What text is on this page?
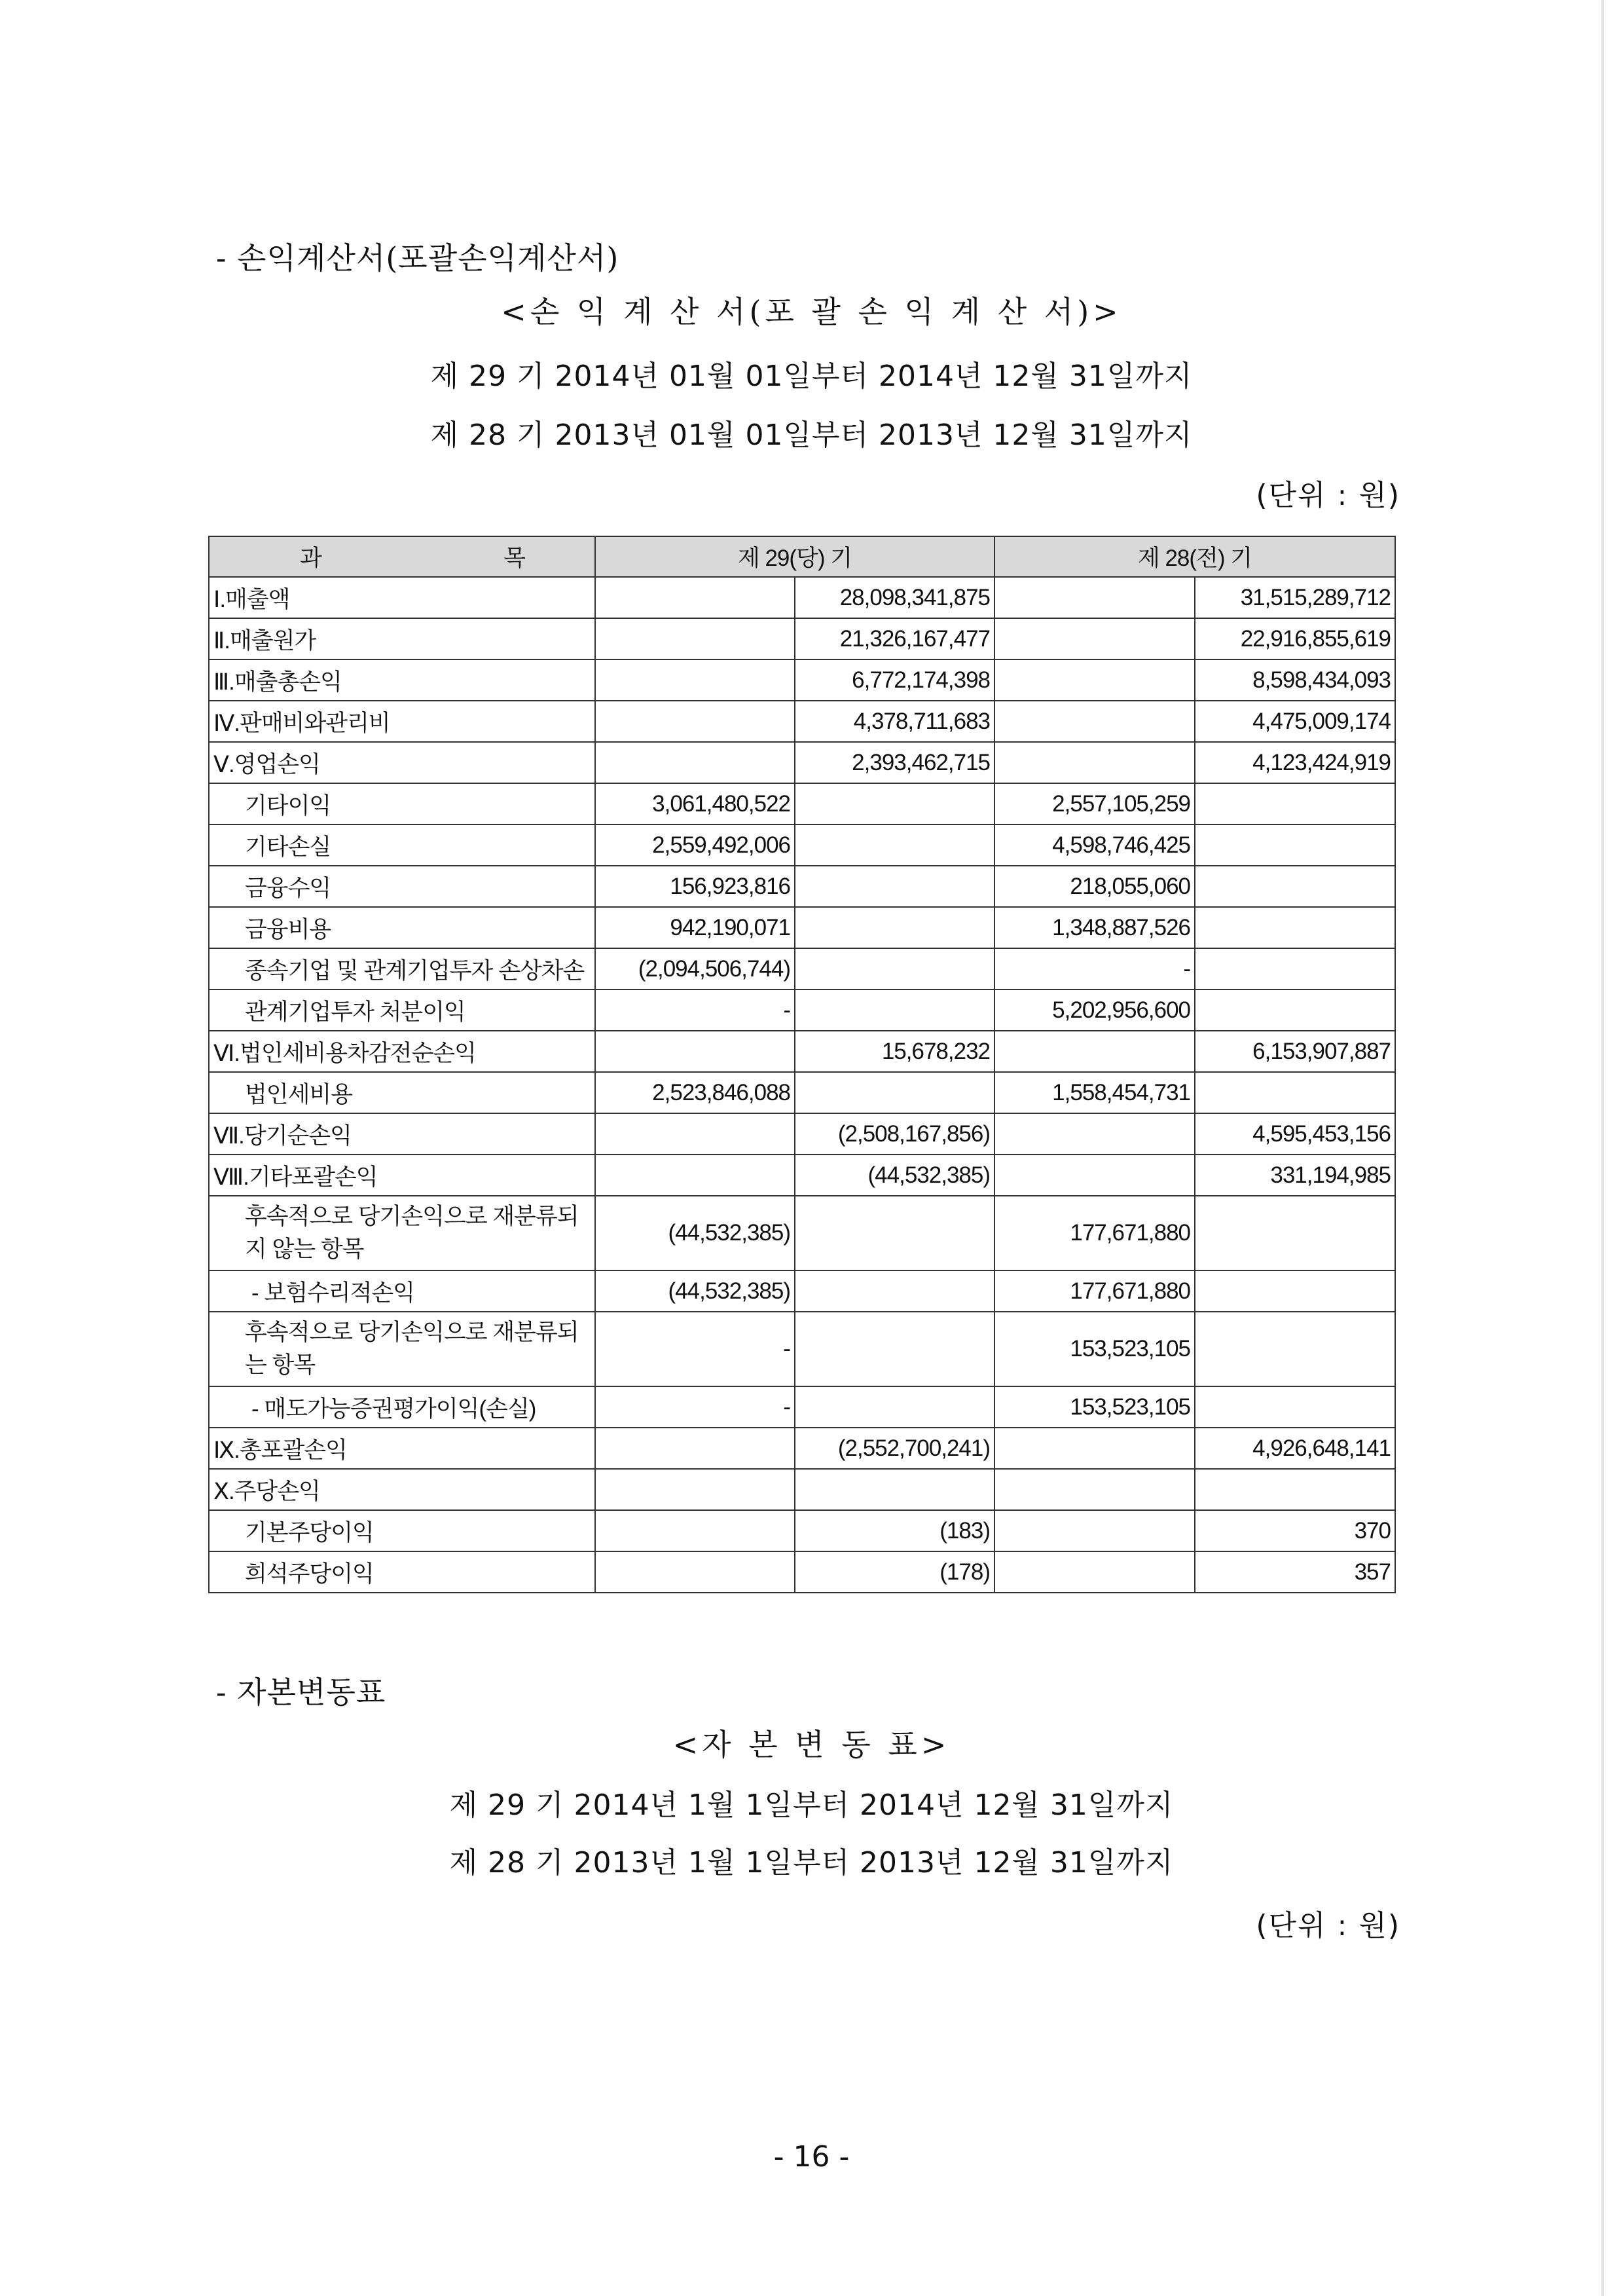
- 손익계산서(포괄손익계산서)
<손 익 계 산 서(포 괄 손 익 계 산 서)>
제 29 기 2014년 01월 01일부터 2014년 12월 31일까지
제 28 기 2013년 01월 01일부터 2013년 12월 31일까지
(단위 : 원)
과 목	제 29(당) 기		제 28(전) 기	
Ⅰ.매출액		28,098,341,875		31,515,289,712
Ⅱ.매출원가		21,326,167,477		22,916,855,619
Ⅲ.매출총손익		6,772,174,398		8,598,434,093
Ⅳ.판매비와관리비		4,378,711,683		4,475,009,174
Ⅴ.영업손익		2,393,462,715		4,123,424,919
기타이익	3,061,480,522		2,557,105,259	
기타손실	2,559,492,006		4,598,746,425	
금융수익	156,923,816		218,055,060	
금융비용	942,190,071		1,348,887,526	
종속기업 및 관계기업투자 손상차손	(2,094,506,744)		-	
관계기업투자 처분이익	-		5,202,956,600	
Ⅵ.법인세비용차감전순손익		15,678,232		6,153,907,887
법인세비용	2,523,846,088		1,558,454,731	
Ⅶ.당기순손익		(2,508,167,856)		4,595,453,156
Ⅷ.기타포괄손익		(44,532,385)		331,194,985
후속적으로 당기손익으로 재분류되지 않는 항목	(44,532,385)		177,671,880	
- 보험수리적손익	(44,532,385)		177,671,880	
후속적으로 당기손익으로 재분류되는 항목	-		153,523,105	
- 매도가능증권평가이익(손실)	-		153,523,105	
Ⅸ.총포괄손익		(2,552,700,241)		4,926,648,141
Ⅹ.주당손익				
기본주당이익		(183)		370
희석주당이익		(178)		357
- 자본변동표
<자 본 변 동 표>
제 29 기 2014년 1월 1일부터 2014년 12월 31일까지
제 28 기 2013년 1월 1일부터 2013년 12월 31일까지
(단위 : 원)
- 16 -
